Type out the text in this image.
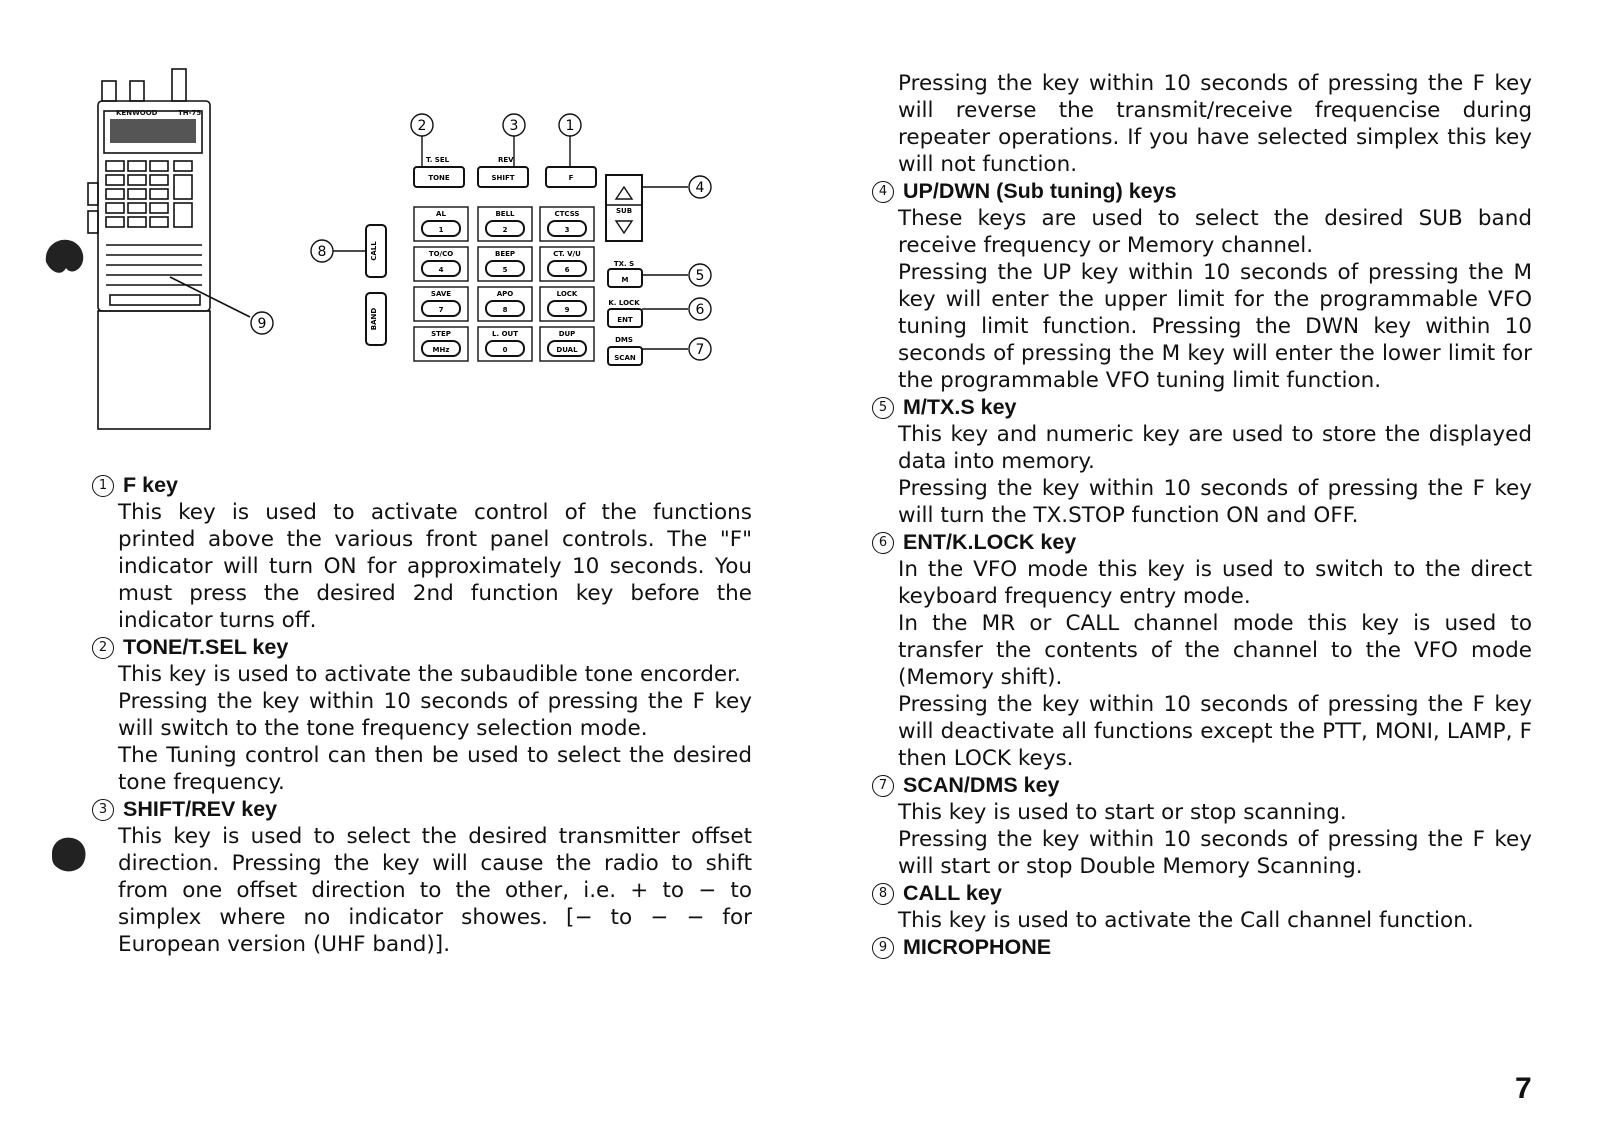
KENWOOD	TH-75
9
8	CALL
BAND
2	3	1
T. SEL
TONE
REV
SHIFT	F
AL
1
BELL
2
CTCSS
3
TO/CO
4
BEEP
5
CT. V/U
6
SAVE
7
APO
8
LOCK
9
STEP
MHz
L. OUT
0
DUP
DUAL
SUB
4
TX. S
M	5
K. LOCK
ENT
6
DMS
SCAN	7
1 F key

This key is used to activate control of the functions printed above the various front panel controls. The "F" indicator will turn ON for approximately 10 seconds. You must press the desired 2nd function key before the indicator turns off.

2 TONE/T.SEL key

This key is used to activate the subaudible tone encorder.

Pressing the key within 10 seconds of pressing the F key will switch to the tone frequency selection mode.

The Tuning control can then be used to select the desired tone frequency.

3 SHIFT/REV key

This key is used to select the desired transmitter offset direction. Pressing the key will cause the radio to shift from one offset direction to the other, i.e. + to − to simplex where no indicator showes. [− to − − for European version (UHF band)].

Pressing the key within 10 seconds of pressing the F key will reverse the transmit/receive frequencise during repeater operations. If you have selected simplex this key will not function.
4 UP/DWN (Sub tuning) keys

These keys are used to select the desired SUB band receive frequency or Memory channel.

Pressing the UP key within 10 seconds of pressing the M key will enter the upper limit for the programmable VFO tuning limit function. Pressing the DWN key within 10 seconds of pressing the M key will enter the lower limit for the programmable VFO tuning limit function.

5 M/TX.S key

This key and numeric key are used to store the displayed data into memory.

Pressing the key within 10 seconds of pressing the F key will turn the TX.STOP function ON and OFF.

6 ENT/K.LOCK key

In the VFO mode this key is used to switch to the direct keyboard frequency entry mode.

In the MR or CALL channel mode this key is used to transfer the contents of the channel to the VFO mode (Memory shift).

Pressing the key within 10 seconds of pressing the F key will deactivate all functions except the PTT, MONI, LAMP, F then LOCK keys.

7 SCAN/DMS key

This key is used to start or stop scanning.

Pressing the key within 10 seconds of pressing the F key will start or stop Double Memory Scanning.

8 CALL key

This key is used to activate the Call channel function.

9 MICROPHONE
7
